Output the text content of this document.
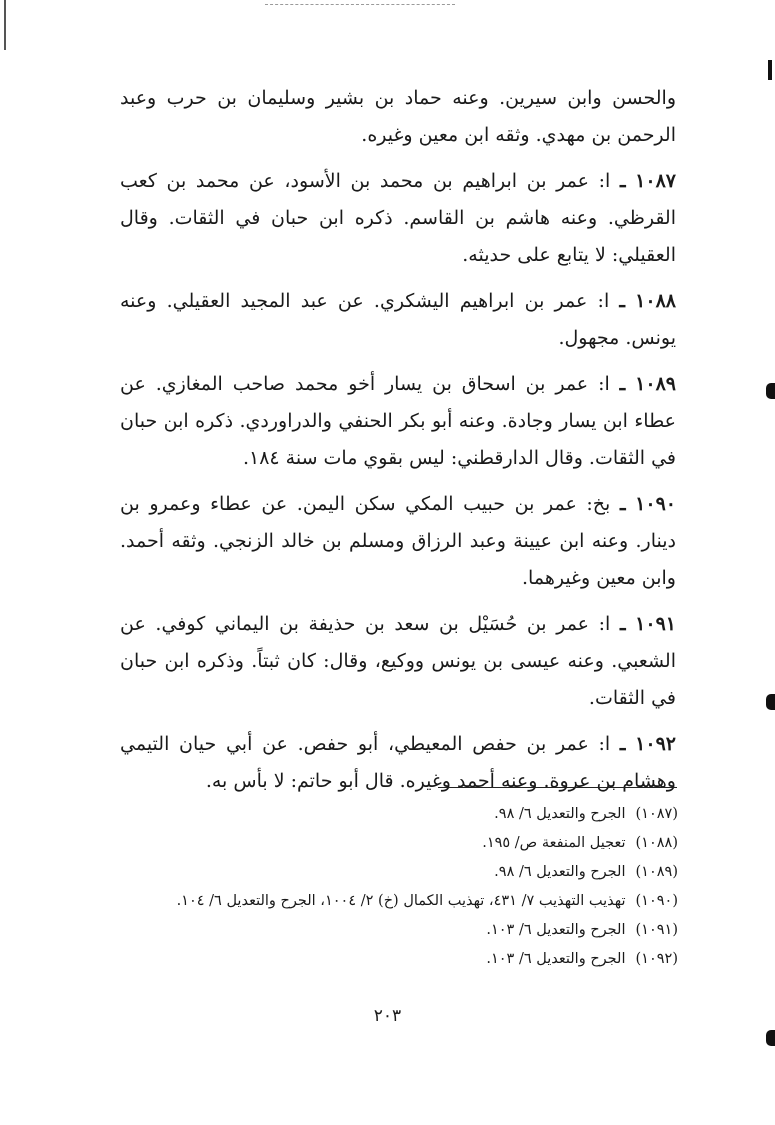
والحسن وابن سيرين. وعنه حماد بن بشير وسليمان بن حرب وعبد الرحمن بن مهدي. وثقه ابن معين وغيره.

١٠٨٧ ـ ا: عمر بن ابراهيم بن محمد بن الأسود، عن محمد بن كعب القرظي. وعنه هاشم بن القاسم. ذكره ابن حبان في الثقات. وقال العقيلي: لا يتابع على حديثه.

١٠٨٨ ـ ا: عمر بن ابراهيم اليشكري. عن عبد المجيد العقيلي. وعنه يونس. مجهول.

١٠٨٩ ـ ا: عمر بن اسحاق بن يسار أخو محمد صاحب المغازي. عن عطاء ابن يسار وجادة. وعنه أبو بكر الحنفي والدراوردي. ذكره ابن حبان في الثقات. وقال الدارقطني: ليس بقوي مات سنة ١٨٤.

١٠٩٠ ـ بخ: عمر بن حبيب المكي سكن اليمن. عن عطاء وعمرو بن دينار. وعنه ابن عيينة وعبد الرزاق ومسلم بن خالد الزنجي. وثقه أحمد. وابن معين وغيرهما.

١٠٩١ ـ ا: عمر بن حُسَيْل بن سعد بن حذيفة بن اليماني كوفي. عن الشعبي. وعنه عيسى بن يونس ووكيع، وقال: كان ثبتاً. وذكره ابن حبان في الثقات.

١٠٩٢ ـ ا: عمر بن حفص المعيطي، أبو حفص. عن أبي حيان التيمي وهشام بن عروة. وعنه أحمد وغيره. قال أبو حاتم: لا بأس به.

(١٠٨٧)الجرح والتعديل ٦/ ٩٨.

(١٠٨٨)تعجيل المنفعة ص/ ١٩٥.

(١٠٨٩)الجرح والتعديل ٦/ ٩٨.

(١٠٩٠)تهذيب التهذيب ٧/ ٤٣١، تهذيب الكمال (خ) ٢/ ١٠٠٤، الجرح والتعديل ٦/ ١٠٤.

(١٠٩١)الجرح والتعديل ٦/ ١٠٣.

(١٠٩٢)الجرح والتعديل ٦/ ١٠٣.

٢٠٣
